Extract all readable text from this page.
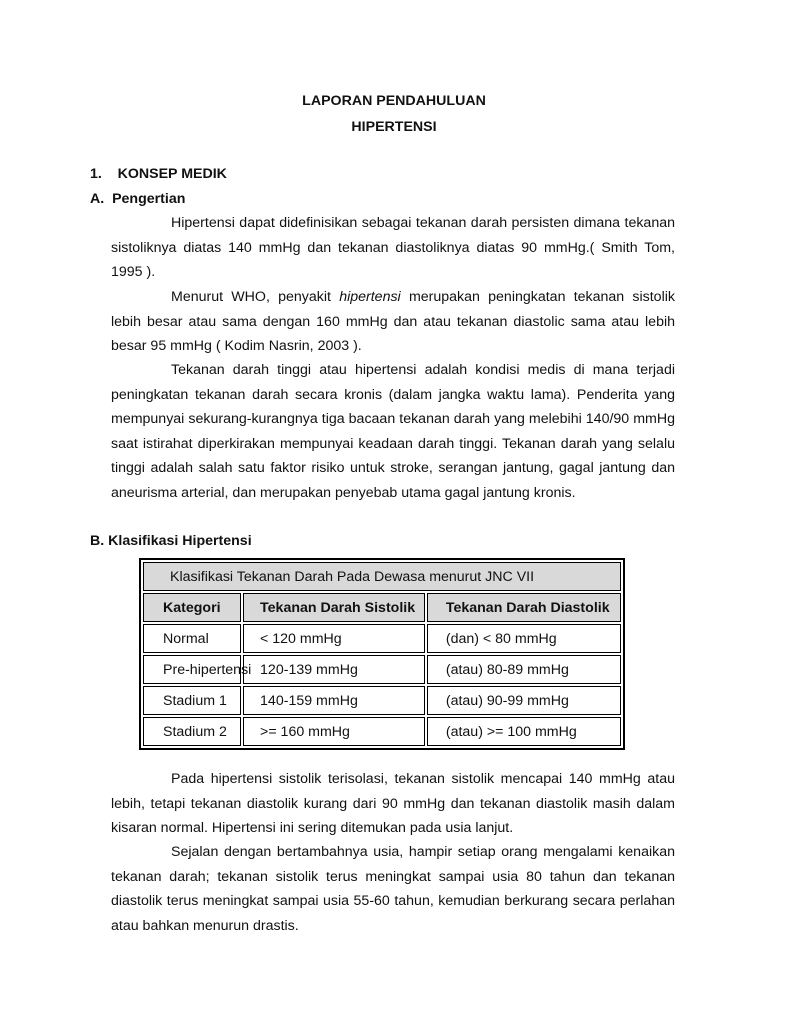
LAPORAN PENDAHULUAN
HIPERTENSI
1.    KONSEP MEDIK
A.  Pengertian

Hipertensi dapat didefinisikan sebagai tekanan darah persisten dimana tekanan sistoliknya diatas 140 mmHg dan tekanan diastoliknya diatas 90 mmHg.( Smith Tom, 1995 ).

Menurut WHO, penyakit hipertensi merupakan peningkatan tekanan sistolik lebih besar atau sama dengan 160 mmHg dan atau tekanan diastolic sama atau lebih besar 95 mmHg ( Kodim Nasrin, 2003 ).

Tekanan darah tinggi atau hipertensi adalah kondisi medis di mana terjadi peningkatan tekanan darah secara kronis (dalam jangka waktu lama). Penderita yang mempunyai sekurang-kurangnya tiga bacaan tekanan darah yang melebihi 140/90 mmHg saat istirahat diperkirakan mempunyai keadaan darah tinggi. Tekanan darah yang selalu tinggi adalah salah satu faktor risiko untuk stroke, serangan jantung, gagal jantung dan aneurisma arterial, dan merupakan penyebab utama gagal jantung kronis.

B. Klasifikasi Hipertensi
Klasifikasi Tekanan Darah Pada Dewasa menurut JNC VII		
Kategori	Tekanan Darah Sistolik	Tekanan Darah Diastolik
Normal	< 120 mmHg	(dan) < 80 mmHg
Pre-hipertensi	120-139 mmHg	(atau) 80-89 mmHg
Stadium 1	140-159 mmHg	(atau) 90-99 mmHg
Stadium 2	>= 160 mmHg	(atau) >= 100 mmHg

Pada hipertensi sistolik terisolasi, tekanan sistolik mencapai 140 mmHg atau lebih, tetapi tekanan diastolik kurang dari 90 mmHg dan tekanan diastolik masih dalam kisaran normal. Hipertensi ini sering ditemukan pada usia lanjut.

Sejalan dengan bertambahnya usia, hampir setiap orang mengalami kenaikan tekanan darah; tekanan sistolik terus meningkat sampai usia 80 tahun dan tekanan diastolik terus meningkat sampai usia 55-60 tahun, kemudian berkurang secara perlahan atau bahkan menurun drastis.
